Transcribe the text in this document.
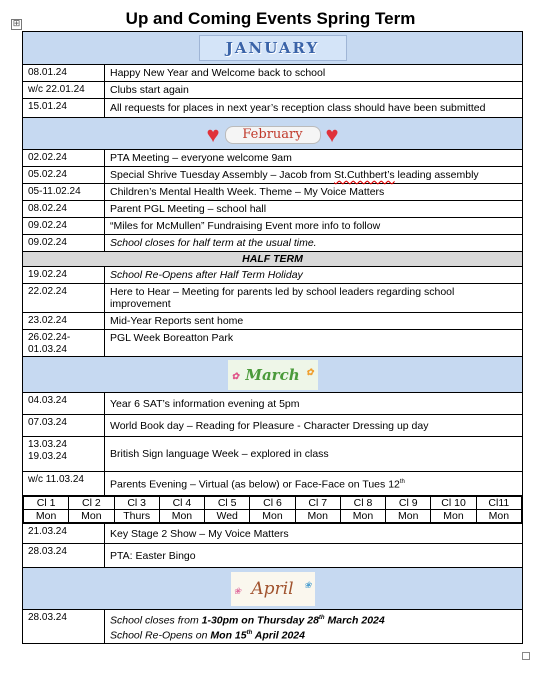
⊞	Up and Coming Events Spring Term
JANUARY
08.01.24	Happy New Year and Welcome back to school
w/c 22.01.24	Clubs start again
15.01.24	All requests for places in next year’s reception class should have been submitted

♥	February	♥

02.02.24	PTA Meeting – everyone welcome 9am
05.02.24	Special Shrive Tuesday Assembly – Jacob from St.Cuthbert’s leading assembly
05-11.02.24	Children’s Mental Health Week. Theme – My Voice Matters
08.02.24	Parent PGL Meeting – school hall
09.02.24	“Miles for McMullen” Fundraising Event more info to follow
09.02.24	School closes for half term at the usual time.
HALF TERM
19.02.24	School Re-Opens after Half Term Holiday
22.02.24	Here to Hear – Meeting for parents led by school leaders regarding school improvement
23.02.24	Mid-Year Reports sent home

26.02.24-
01.03.24
	PGL Week Boreatton Park

✿ March ✿

04.03.24	Year 6 SAT’s information evening at 5pm
07.03.24	World Book day – Reading for Pleasure - Character Dressing up day

13.03.24
19.03.24	British Sign language Week – explored in class
w/c 11.03.24	Parents Evening – Virtual (as below) or Face-Face on Tues 12th

Cl 1	Cl 2	Cl 3	Cl 4	Cl 5	Cl 6	Cl 7	Cl 8	Cl 9	Cl 10	Cl11
Mon	Mon	Thurs	Mon	Wed	Mon	Mon	Mon	Mon	Mon	Mon

21.03.24	Key Stage 2 Show – My Voice Matters
28.03.24	PTA: Easter Bingo

❀ April ❀

28.03.24	School closes from 1-30pm on Thursday 28th March 2024
School Re-Opens on Mon 15th April 2024
